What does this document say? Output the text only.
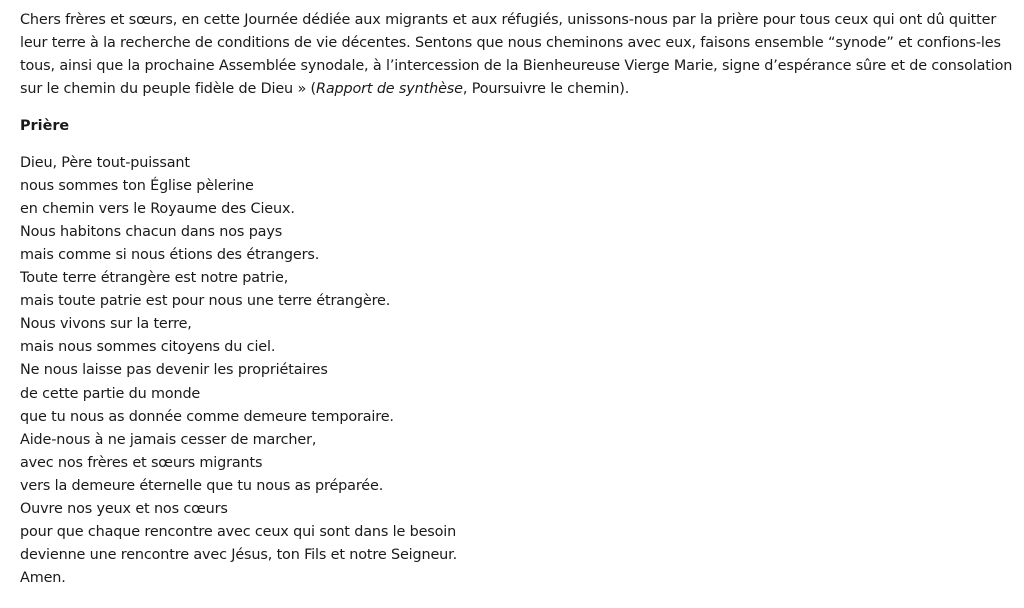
Chers frères et sœurs, en cette Journée dédiée aux migrants et aux réfugiés, unissons-nous par la prière pour tous ceux qui ont dû quitter leur terre à la recherche de conditions de vie décentes. Sentons que nous cheminons avec eux, faisons ensemble “synode” et confions-les tous, ainsi que la prochaine Assemblée synodale, à l’intercession de la Bienheureuse Vierge Marie, signe d’espérance sûre et de consolation sur le chemin du peuple fidèle de Dieu » (Rapport de synthèse, Poursuivre le chemin).

Prière

Dieu, Père tout-puissant
nous sommes ton Église pèlerine
en chemin vers le Royaume des Cieux.
Nous habitons chacun dans nos pays
mais comme si nous étions des étrangers.
Toute terre étrangère est notre patrie,
mais toute patrie est pour nous une terre étrangère.
Nous vivons sur la terre,
mais nous sommes citoyens du ciel.
Ne nous laisse pas devenir les propriétaires
de cette partie du monde
que tu nous as donnée comme demeure temporaire.
Aide-nous à ne jamais cesser de marcher,
avec nos frères et sœurs migrants
vers la demeure éternelle que tu nous as préparée.
Ouvre nos yeux et nos cœurs
pour que chaque rencontre avec ceux qui sont dans le besoin
devienne une rencontre avec Jésus, ton Fils et notre Seigneur.
Amen.
